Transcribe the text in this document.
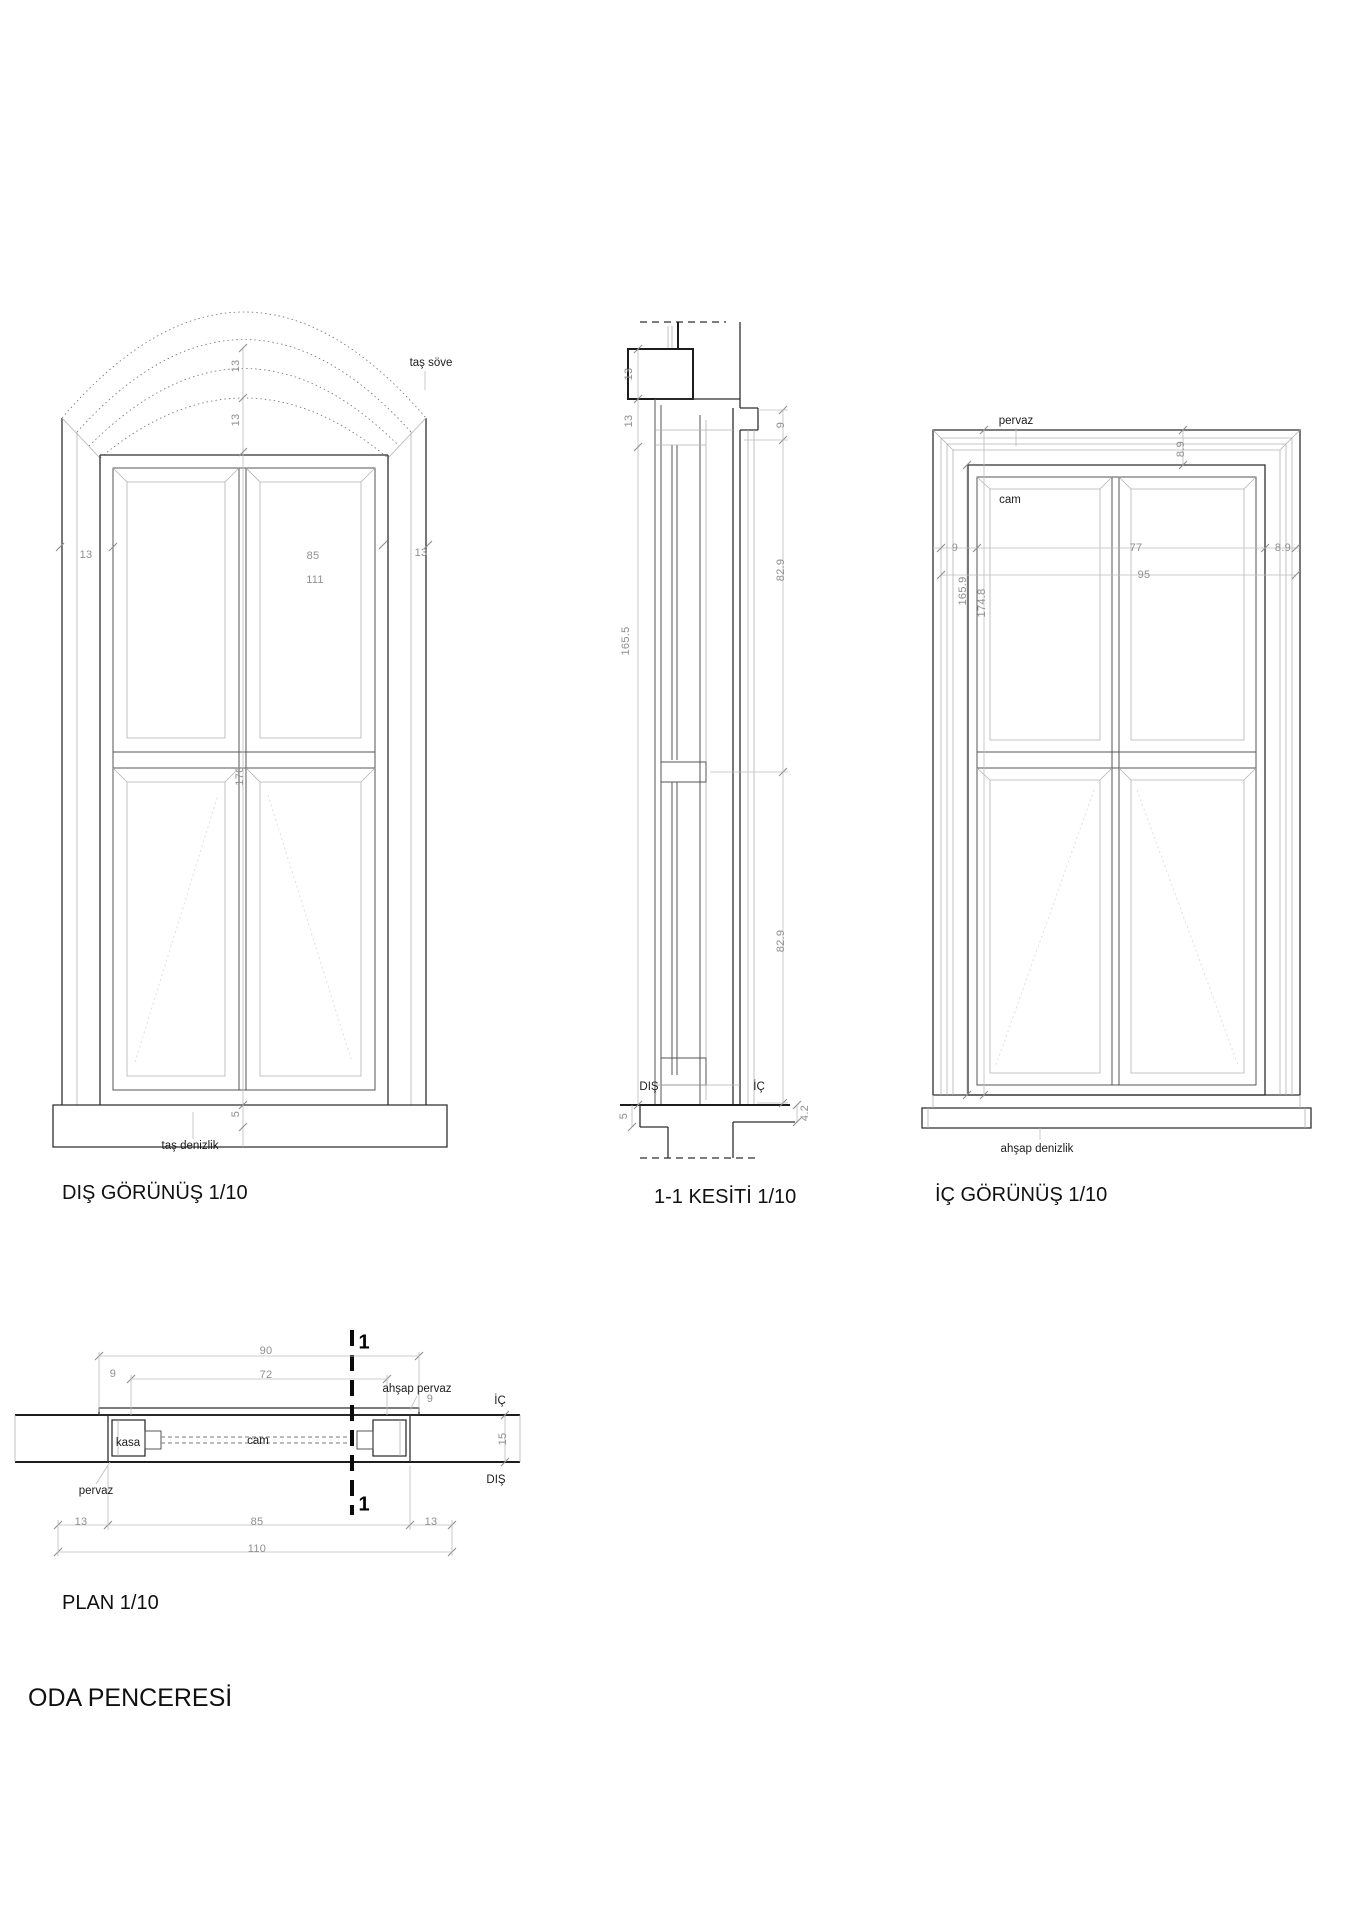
taş söve
13
13
13	13
85
111
170
5
taş denizlik
DIŞ GÖRÜNÜŞ 1/10
13
13
165.5
9
82.9
82.9
4.2
5
DIŞ	İÇ
1-1 KESİTİ 1/10
pervaz
cam
9	77	8.9
95
8.9
165.9 174.8
ahşap denizlik
İÇ GÖRÜNÜŞ 1/10
1
1
90
72
9
ahşap pervaz
9	İÇ
kasa	cam	15
DIŞ
pervaz
13	85	13
110
PLAN 1/10
ODA PENCERESİ
